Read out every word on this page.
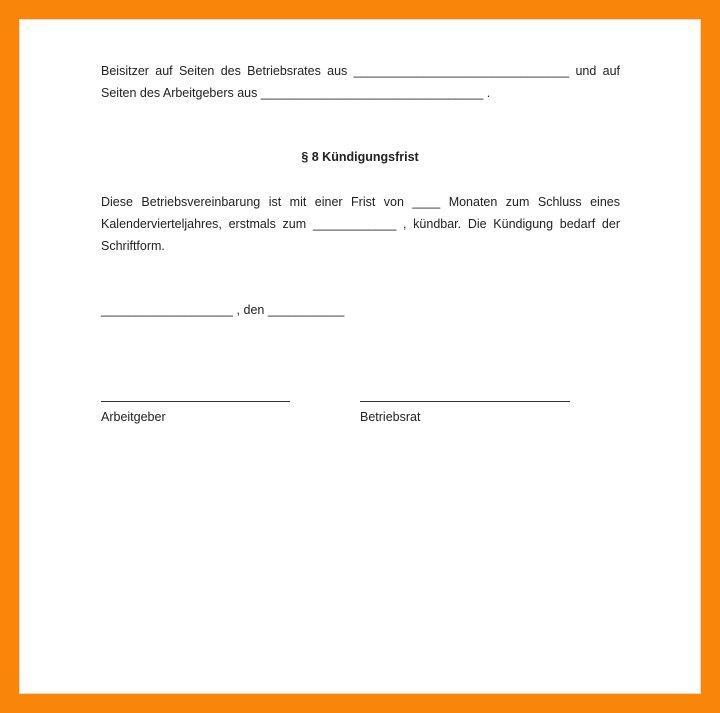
Beisitzer auf Seiten des Betriebsrates aus _______________________________ und auf
Seiten des Arbeitgebers aus ________________________________ .
§ 8 Kündigungsfrist
Diese Betriebsvereinbarung ist mit einer Frist von ____ Monaten zum Schluss eines
Kalendervierteljahres, erstmals zum ____________ , kündbar. Die Kündigung bedarf der
Schriftform.
___________________ , den ___________
Arbeitgeber	Betriebsrat
